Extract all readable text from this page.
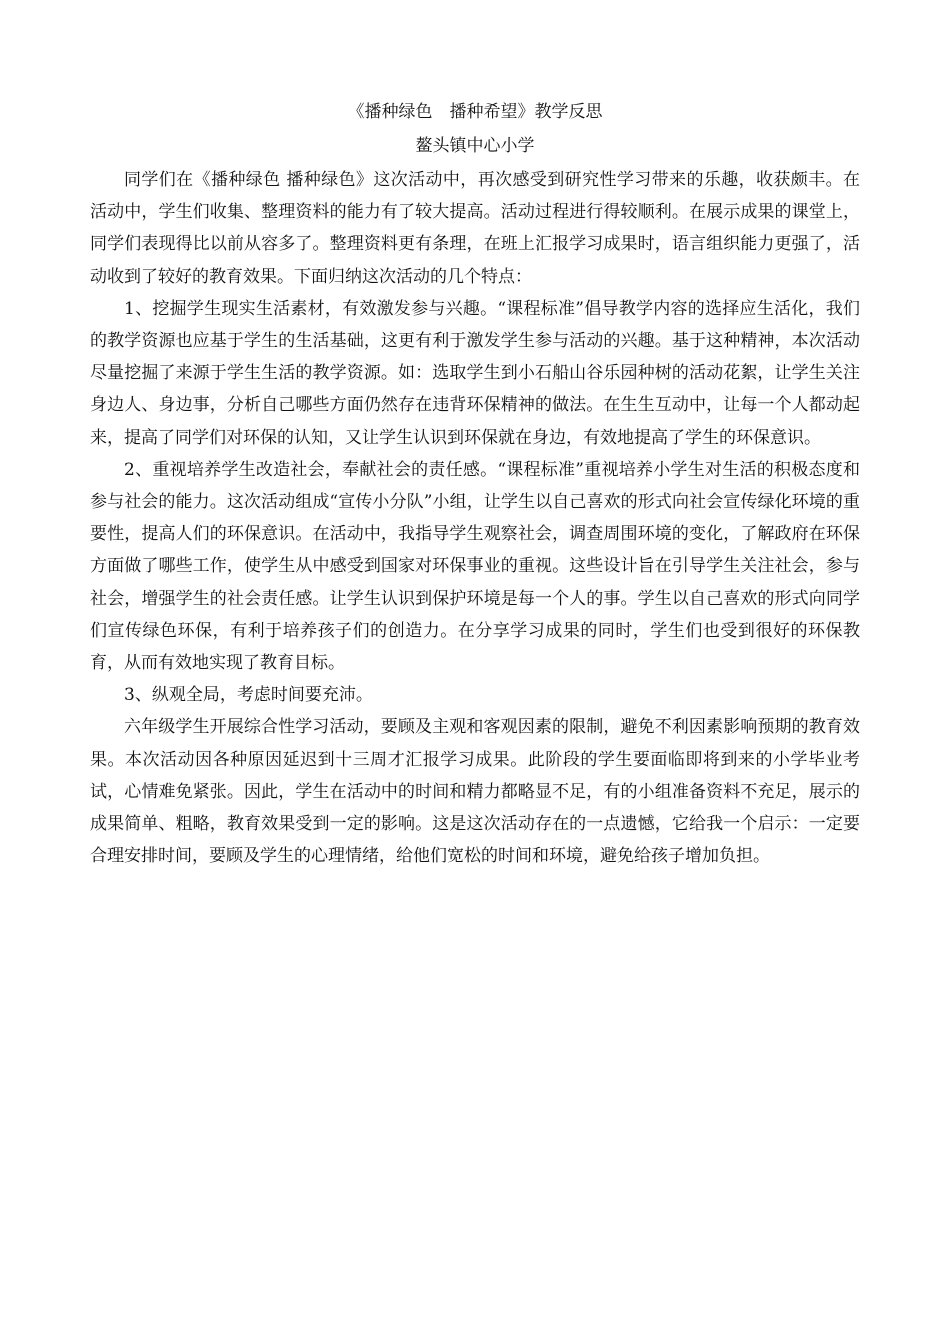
《播种绿色　播种希望》教学反思
鳌头镇中心小学

同学们在《播种绿色 播种绿色》这次活动中，再次感受到研究性学习带来的乐趣，收获颇丰。在活动中，学生们收集、整理资料的能力有了较大提高。活动过程进行得较顺利。在展示成果的课堂上，同学们表现得比以前从容多了。整理资料更有条理，在班上汇报学习成果时，语言组织能力更强了，活动收到了较好的教育效果。下面归纳这次活动的几个特点：

1、挖掘学生现实生活素材，有效激发参与兴趣。“课程标准”倡导教学内容的选择应生活化，我们的教学资源也应基于学生的生活基础，这更有利于激发学生参与活动的兴趣。基于这种精神，本次活动尽量挖掘了来源于学生生活的教学资源。如：选取学生到小石船山谷乐园种树的活动花絮，让学生关注身边人、身边事，分析自己哪些方面仍然存在违背环保精神的做法。在生生互动中，让每一个人都动起来，提高了同学们对环保的认知，又让学生认识到环保就在身边，有效地提高了学生的环保意识。

2、重视培养学生改造社会，奉献社会的责任感。“课程标准”重视培养小学生对生活的积极态度和参与社会的能力。这次活动组成“宣传小分队”小组，让学生以自己喜欢的形式向社会宣传绿化环境的重要性，提高人们的环保意识。在活动中，我指导学生观察社会，调查周围环境的变化，了解政府在环保方面做了哪些工作，使学生从中感受到国家对环保事业的重视。这些设计旨在引导学生关注社会，参与社会，增强学生的社会责任感。让学生认识到保护环境是每一个人的事。学生以自己喜欢的形式向同学们宣传绿色环保，有利于培养孩子们的创造力。在分享学习成果的同时，学生们也受到很好的环保教育，从而有效地实现了教育目标。

3、纵观全局，考虑时间要充沛。

六年级学生开展综合性学习活动，要顾及主观和客观因素的限制，避免不利因素影响预期的教育效果。本次活动因各种原因延迟到十三周才汇报学习成果。此阶段的学生要面临即将到来的小学毕业考试，心情难免紧张。因此，学生在活动中的时间和精力都略显不足，有的小组准备资料不充足，展示的成果简单、粗略，教育效果受到一定的影响。这是这次活动存在的一点遗憾，它给我一个启示：一定要合理安排时间，要顾及学生的心理情绪，给他们宽松的时间和环境，避免给孩子增加负担。
